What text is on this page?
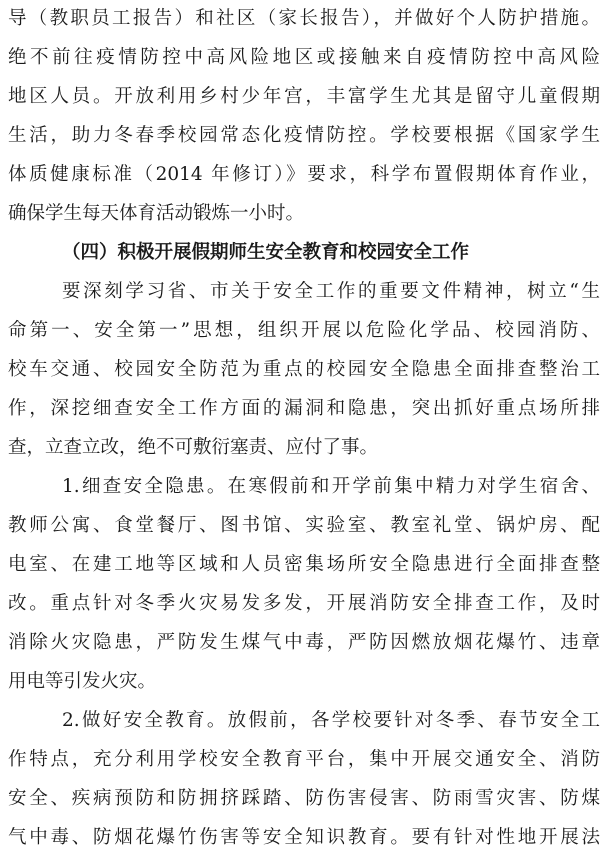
导（教职员工报告）和社区（家长报告），并做好个人防护措施。
绝不前往疫情防控中高风险地区或接触来自疫情防控中高风险
地区人员。开放利用乡村少年宫，丰富学生尤其是留守儿童假期
生活，助力冬春季校园常态化疫情防控。学校要根据《国家学生
体质健康标准（2014 年修订）》要求，科学布置假期体育作业，
确保学生每天体育活动锻炼一小时。
（四）积极开展假期师生安全教育和校园安全工作
要深刻学习省、市关于安全工作的重要文件精神，树立“生
命第一、安全第一”思想，组织开展以危险化学品、校园消防、
校车交通、校园安全防范为重点的校园安全隐患全面排查整治工
作，深挖细查安全工作方面的漏洞和隐患，突出抓好重点场所排
查，立查立改，绝不可敷衍塞责、应付了事。
1.细查安全隐患。在寒假前和开学前集中精力对学生宿舍、
教师公寓、食堂餐厅、图书馆、实验室、教室礼堂、锅炉房、配
电室、在建工地等区域和人员密集场所安全隐患进行全面排查整
改。重点针对冬季火灾易发多发，开展消防安全排查工作，及时
消除火灾隐患，严防发生煤气中毒，严防因燃放烟花爆竹、违章
用电等引发火灾。
2.做好安全教育。放假前，各学校要针对冬季、春节安全工
作特点，充分利用学校安全教育平台，集中开展交通安全、消防
安全、疾病预防和防拥挤踩踏、防伤害侵害、防雨雪灾害、防煤
气中毒、防烟花爆竹伤害等安全知识教育。要有针对性地开展法
